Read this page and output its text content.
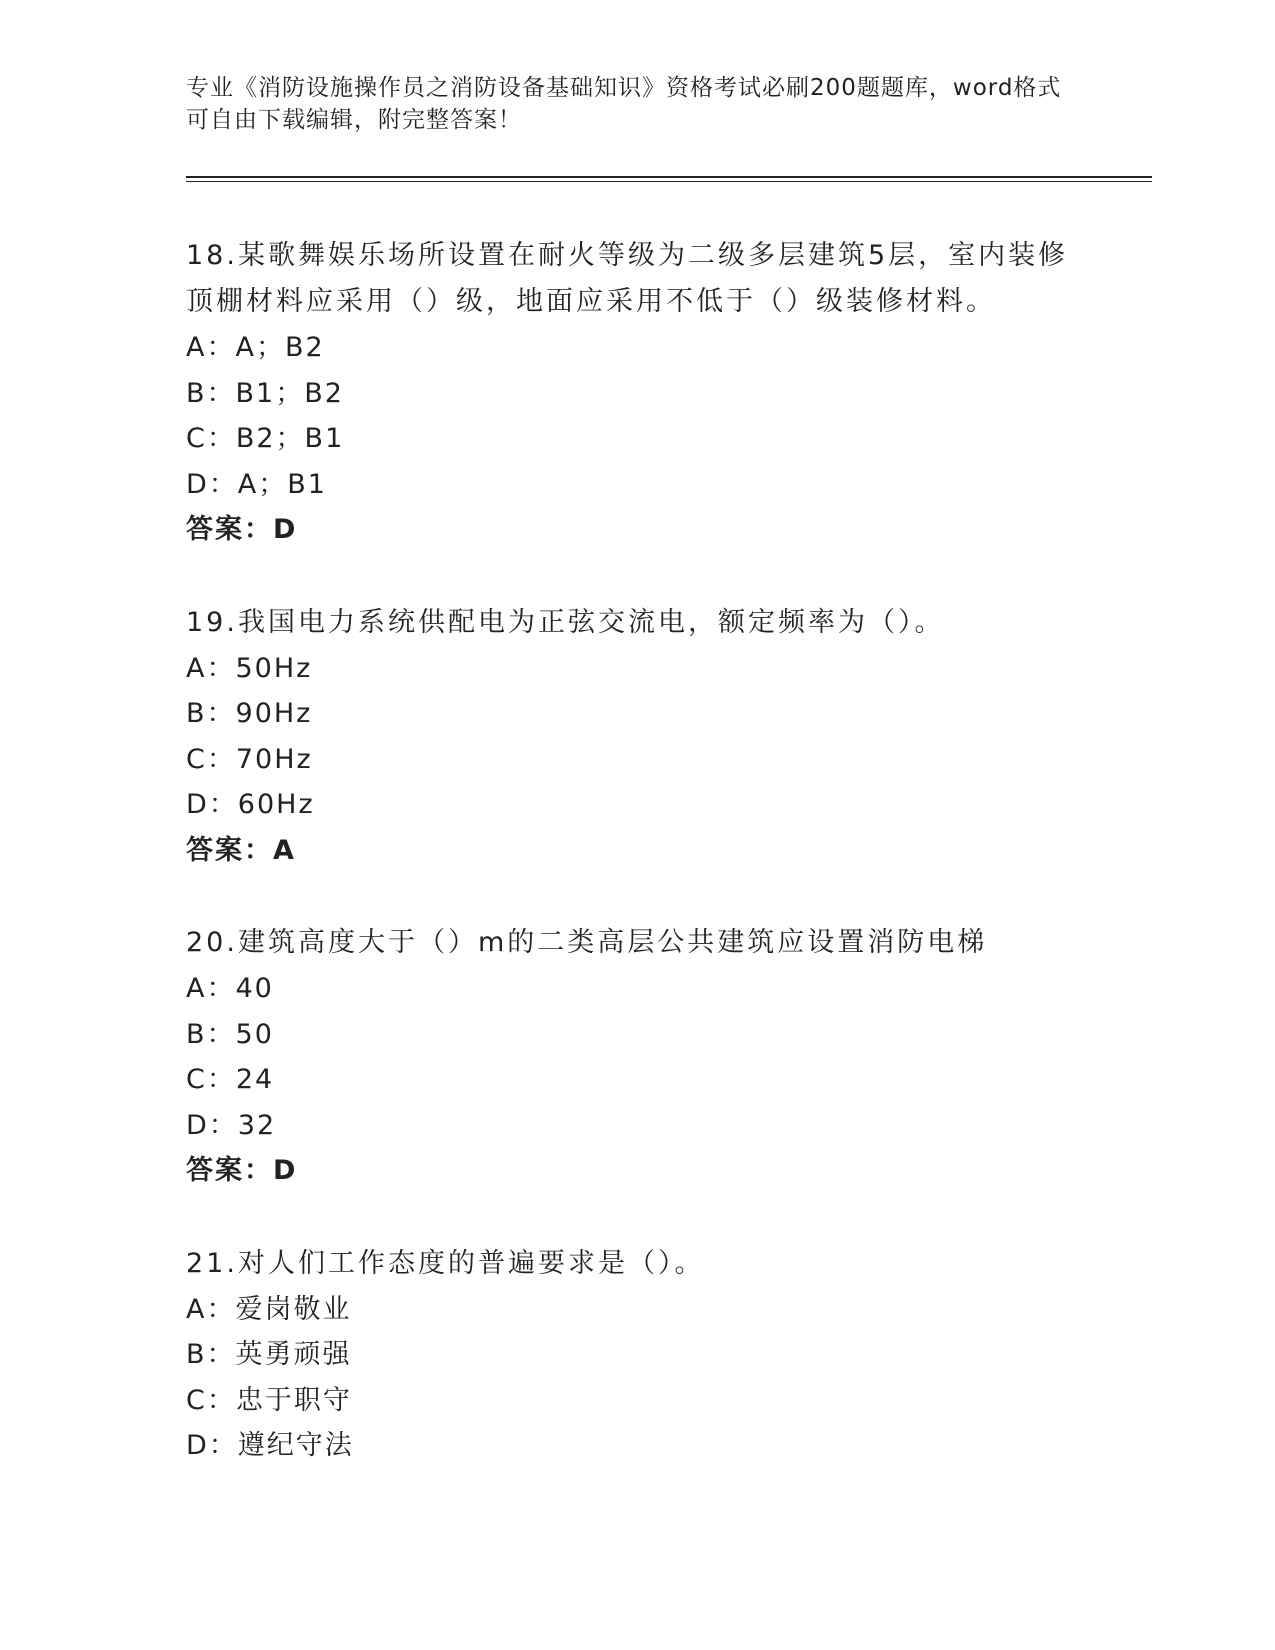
专业《消防设施操作员之消防设备基础知识》资格考试必刷200题题库，word格式可自由下载编辑，附完整答案！
18.某歌舞娱乐场所设置在耐火等级为二级多层建筑5层，室内装修顶棚材料应采用（）级，地面应采用不低于（）级装修材料。
A：A；B2
B：B1；B2
C：B2；B1
D：A；B1
答案：D
19.我国电力系统供配电为正弦交流电，额定频率为（）。
A：50Hz
B：90Hz
C：70Hz
D：60Hz
答案：A
20.建筑高度大于（）m的二类高层公共建筑应设置消防电梯
A：40
B：50
C：24
D：32
答案：D
21.对人们工作态度的普遍要求是（）。
A：爱岗敬业
B：英勇顽强
C：忠于职守
D：遵纪守法
